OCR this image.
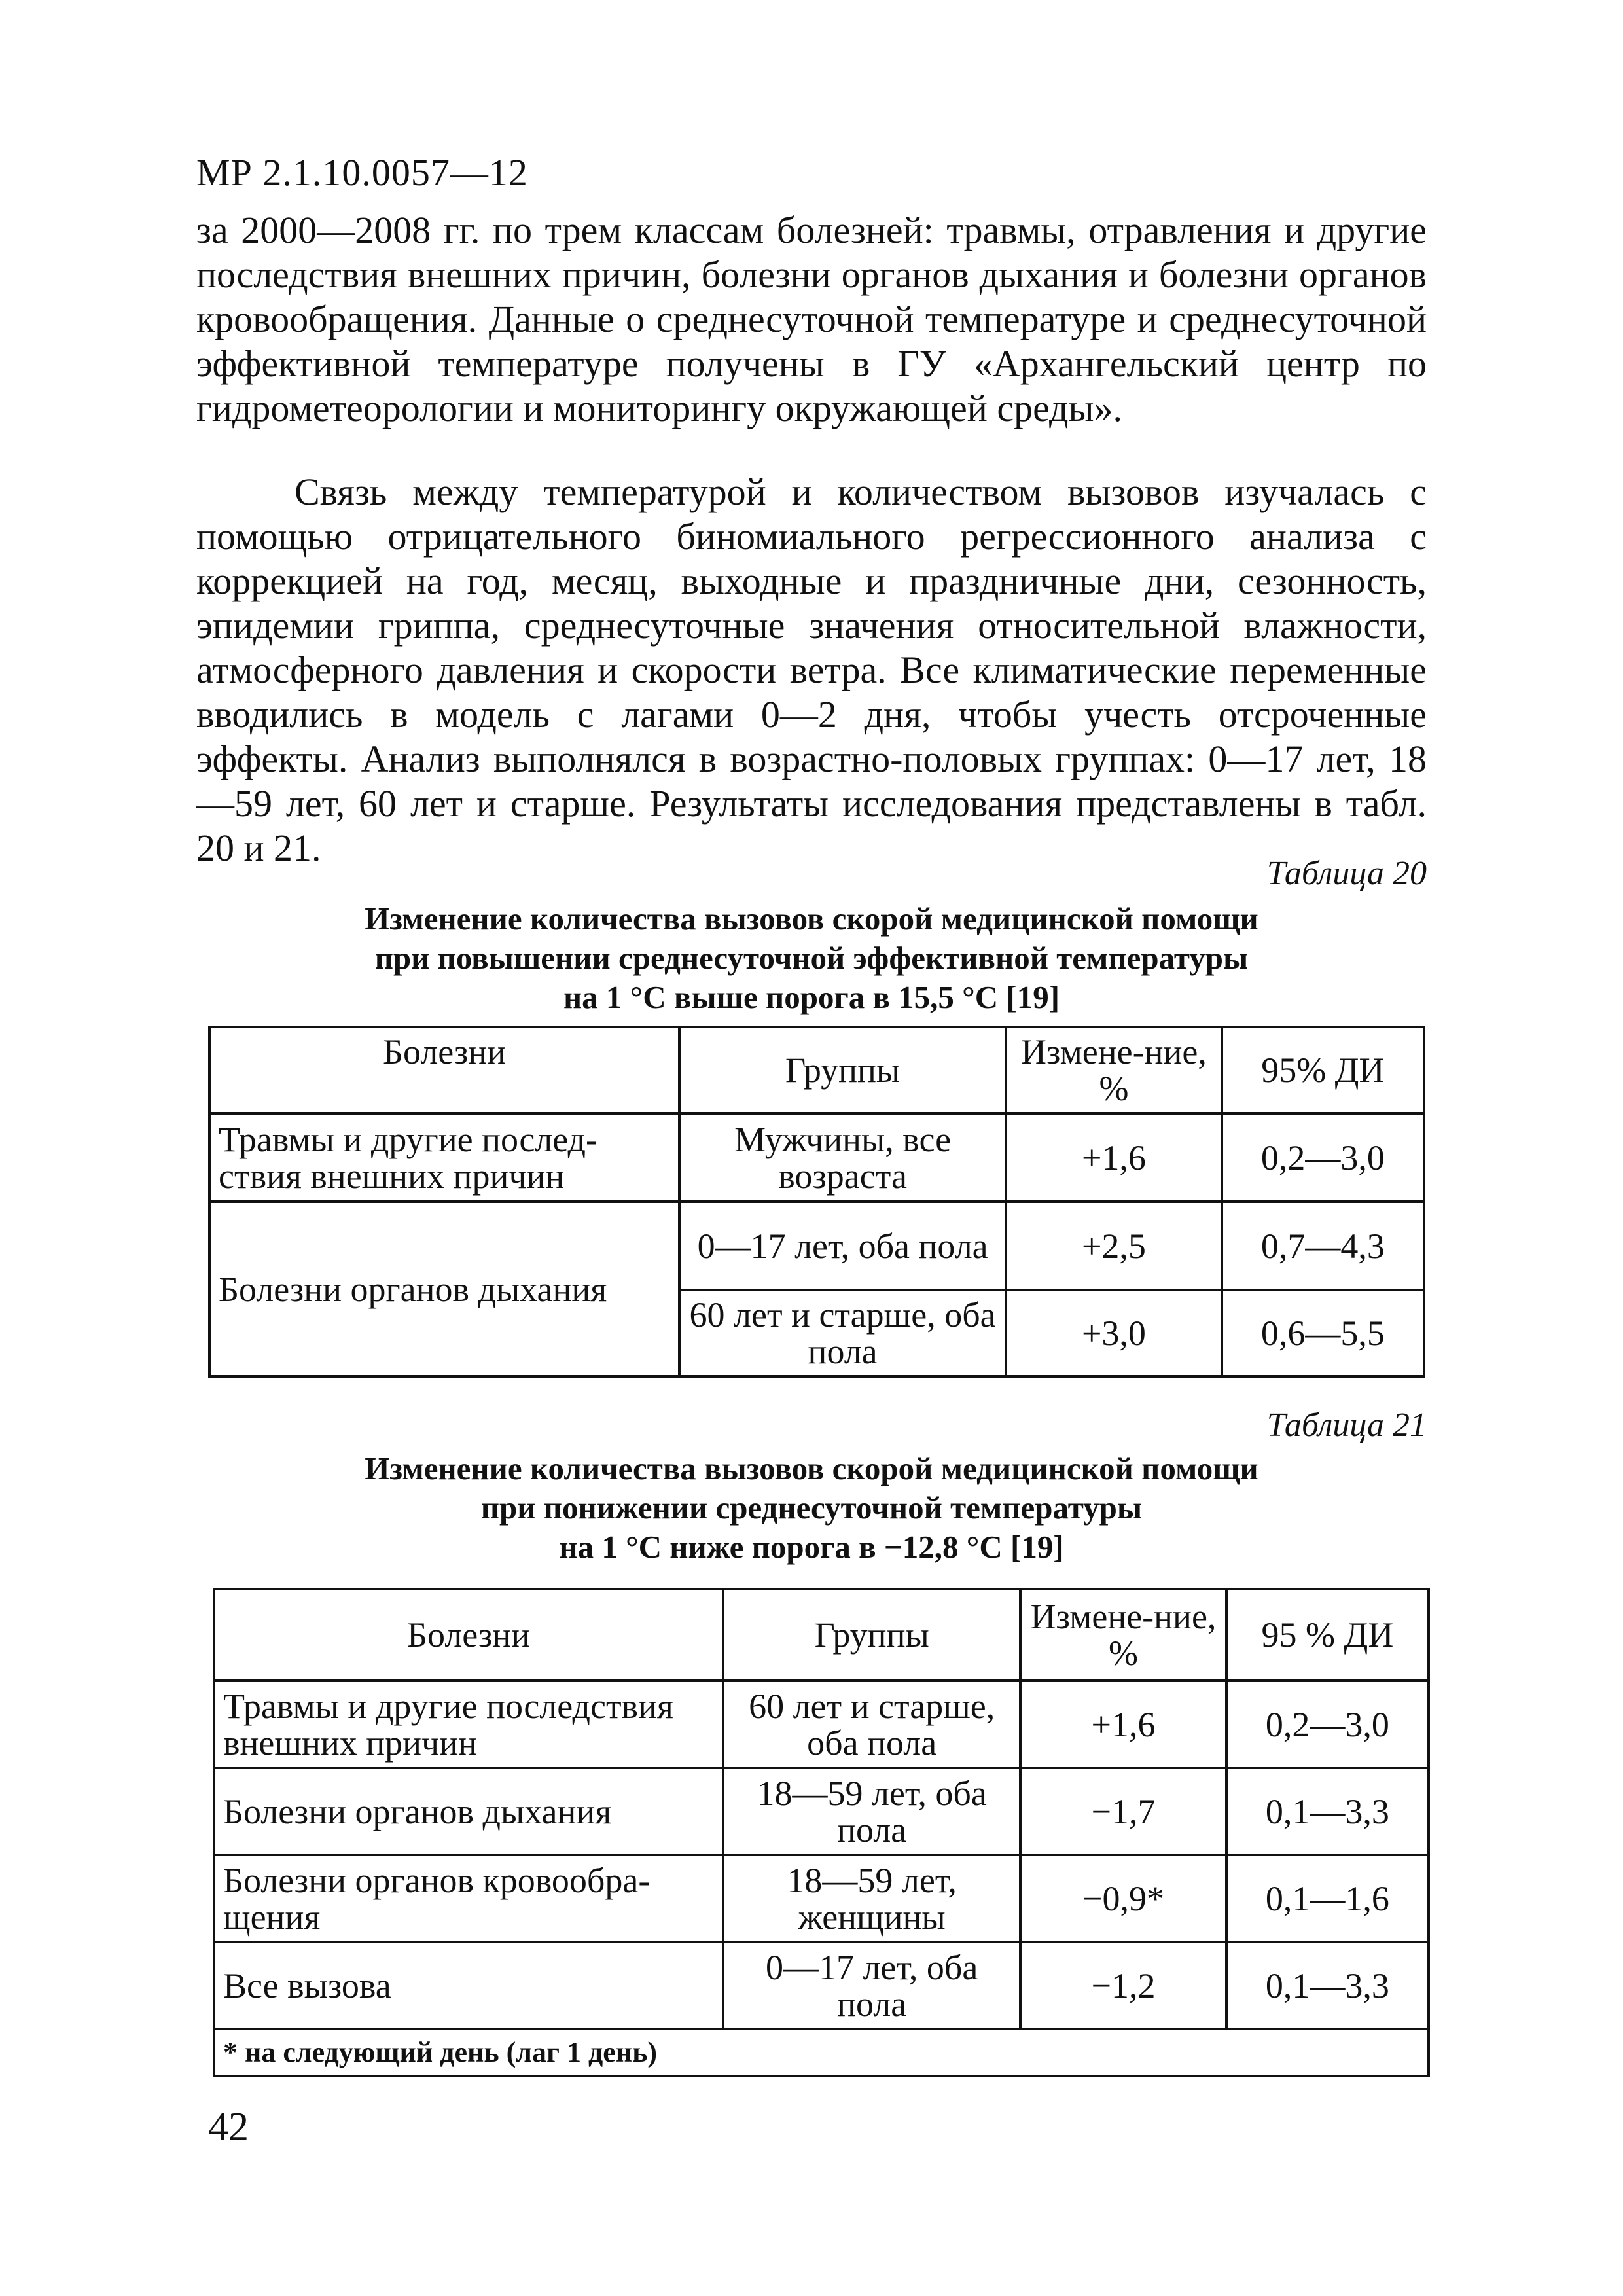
МР 2.1.10.0057—12
за 2000—2008 гг. по трем классам болезней: травмы, отравления и другие последствия внешних причин, болезни органов дыхания и болезни органов кровообращения. Данные о среднесуточной температуре и среднесуточной эффективной температуре получены в ГУ «Архангельский центр по гидрометеорологии и мониторингу окружающей среды».
Связь между температурой и количеством вызовов изучалась с помощью отрицательного биномиального регрессионного анализа с коррекцией на год, месяц, выходные и праздничные дни, сезонность, эпидемии гриппа, среднесуточные значения относительной влажности, атмосферного давления и скорости ветра. Все климатические переменные вводились в модель с лагами 0—2 дня, чтобы учесть отсроченные эффекты. Анализ выполнялся в возрастно-половых группах: 0—17 лет, 18—59 лет, 60 лет и старше. Результаты исследования представлены в табл. 20 и 21.
Таблица 20
Изменение количества вызовов скорой медицинской помощи
при повышении среднесуточной эффективной температуры
на 1 °С выше порога в 15,5 °С [19]
Болезни	Группы	Измене-ние, %	95% ДИ
Травмы и другие послед-ствия внешних причин	Мужчины, все возраста	+1,6	0,2—3,0
Болезни органов дыхания	0—17 лет, оба пола	+2,5	0,7—4,3
	60 лет и старше, оба пола	+3,0	0,6—5,5
Таблица 21
Изменение количества вызовов скорой медицинской помощи
при понижении среднесуточной температуры
на 1 °С ниже порога в −12,8 °С [19]
Болезни	Группы	Измене-ние, %	95 % ДИ
Травмы и другие последствия внешних причин	60 лет и старше, оба пола	+1,6	0,2—3,0
Болезни органов дыхания	18—59 лет, оба пола	−1,7	0,1—3,3
Болезни органов кровообра-щения	18—59 лет, женщины	−0,9*	0,1—1,6
Все вызова	0—17 лет, оба пола	−1,2	0,1—3,3
* на следующий день (лаг 1 день)			
42
